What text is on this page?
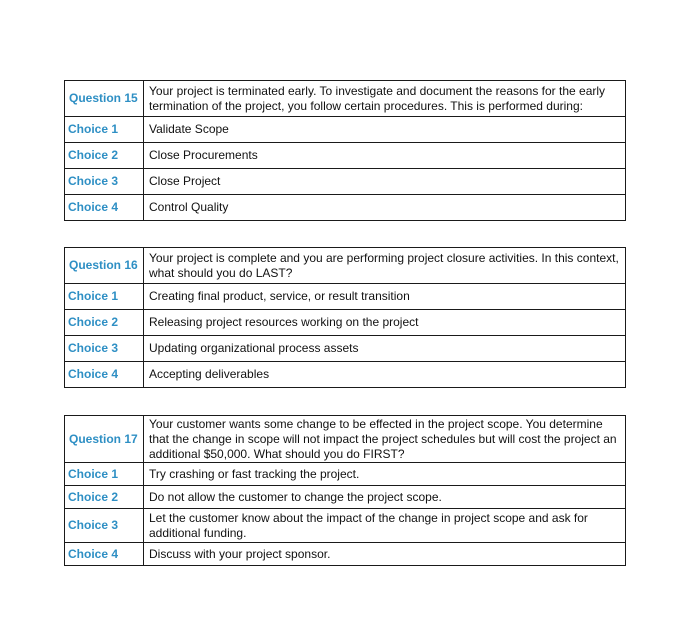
Question 15	Your project is terminated early. To investigate and document the reasons for the early termination of the project, you follow certain procedures. This is performed during:
Choice 1	Validate Scope
Choice 2	Close Procurements
Choice 3	Close Project
Choice 4	Control Quality
Question 16	Your project is complete and you are performing project closure activities. In this context, what should you do LAST?
Choice 1	Creating final product, service, or result transition
Choice 2	Releasing project resources working on the project
Choice 3	Updating organizational process assets
Choice 4	Accepting deliverables
Question 17	Your customer wants some change to be effected in the project scope. You determine that the change in scope will not impact the project schedules but will cost the project an additional $50,000. What should you do FIRST?
Choice 1	Try crashing or fast tracking the project.
Choice 2	Do not allow the customer to change the project scope.
Choice 3	Let the customer know about the impact of the change in project scope and ask for additional funding.
Choice 4	Discuss with your project sponsor.
